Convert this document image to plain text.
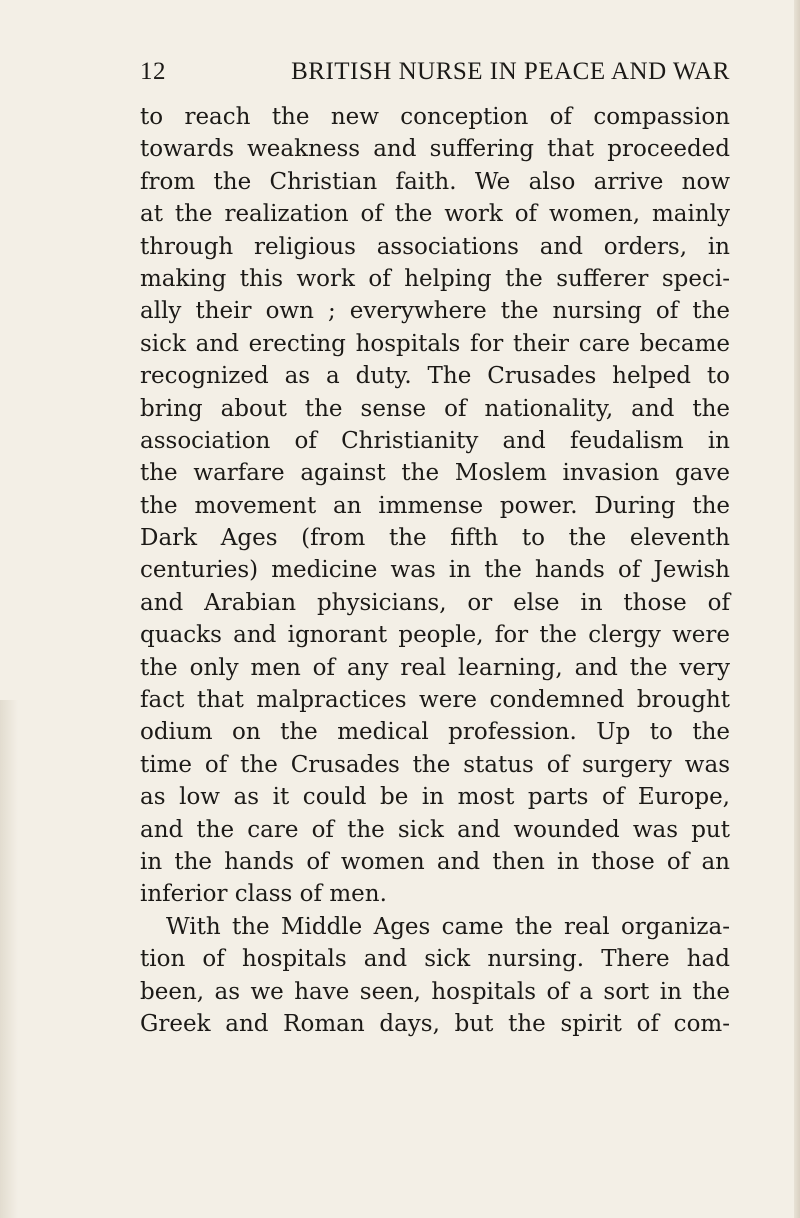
12	BRITISH NURSE IN PEACE AND WAR
to reach the new conception of compassion
towards weakness and suffering that proceeded
from the Christian faith. We also arrive now
at the realization of the work of women, mainly
through religious associations and orders, in
making this work of helping the sufferer speci-
ally their own ; everywhere the nursing of the
sick and erecting hospitals for their care became
recognized as a duty. The Crusades helped to
bring about the sense of nationality, and the
association of Christianity and feudalism in
the warfare against the Moslem invasion gave
the movement an immense power. During the
Dark Ages (from the fifth to the eleventh
centuries) medicine was in the hands of Jewish
and Arabian physicians, or else in those of
quacks and ignorant people, for the clergy were
the only men of any real learning, and the very
fact that malpractices were condemned brought
odium on the medical profession. Up to the
time of the Crusades the status of surgery was
as low as it could be in most parts of Europe,
and the care of the sick and wounded was put
in the hands of women and then in those of an
inferior class of men.
With the Middle Ages came the real organiza-
tion of hospitals and sick nursing. There had
been, as we have seen, hospitals of a sort in the
Greek and Roman days, but the spirit of com-
